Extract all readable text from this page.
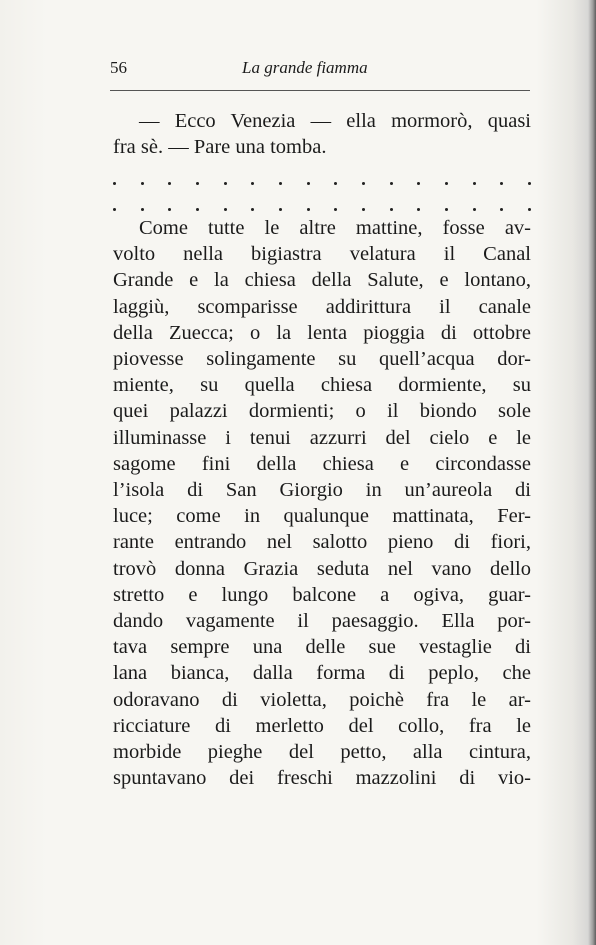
56	La grande fiamma

— Ecco Venezia — ella mormorò, quasi
fra sè. — Pare una tomba.

Come tutte le altre mattine, fosse av-
volto nella bigiastra velatura il Canal
Grande e la chiesa della Salute, e lontano,
laggiù, scomparisse addirittura il canale
della Zuecca; o la lenta pioggia di ottobre
piovesse solingamente su quell’acqua dor-
miente, su quella chiesa dormiente, su
quei palazzi dormienti; o il biondo sole
illuminasse i tenui azzurri del cielo e le
sagome fini della chiesa e circondasse
l’isola di San Giorgio in un’aureola di
luce; come in qualunque mattinata, Fer-
rante entrando nel salotto pieno di fiori,
trovò donna Grazia seduta nel vano dello
stretto e lungo balcone a ogiva, guar-
dando vagamente il paesaggio. Ella por-
tava sempre una delle sue vestaglie di
lana bianca, dalla forma di peplo, che
odoravano di violetta, poichè fra le ar-
ricciature di merletto del collo, fra le
morbide pieghe del petto, alla cintura,
spuntavano dei freschi mazzolini di vio-
